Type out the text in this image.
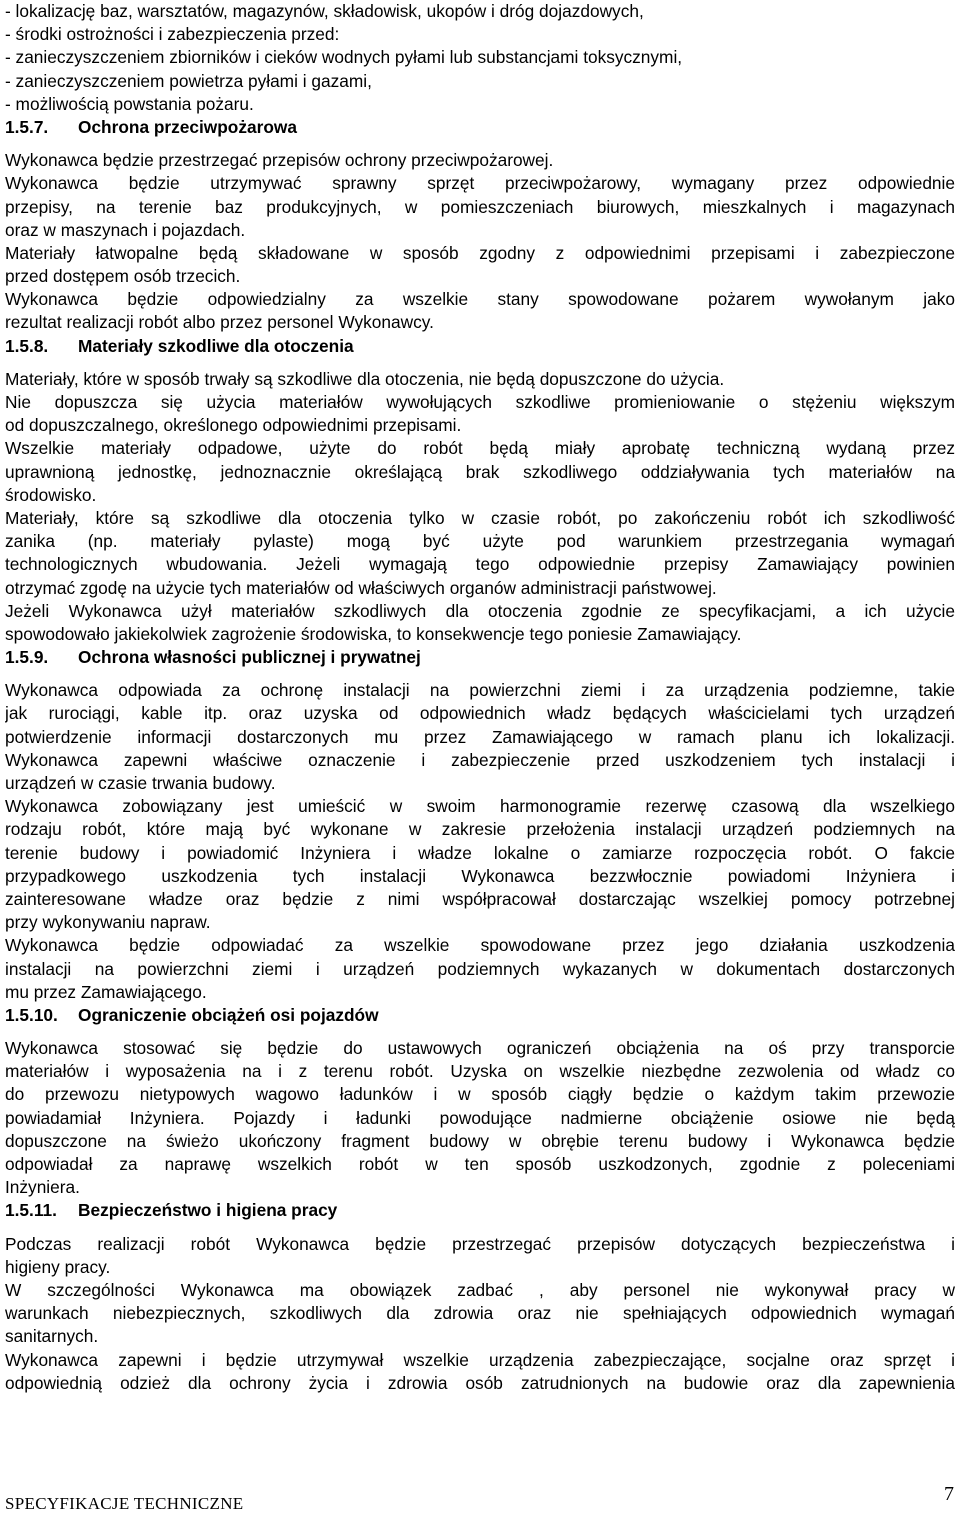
- lokalizację baz, warsztatów, magazynów, składowisk, ukopów i dróg dojazdowych,
- środki ostrożności i zabezpieczenia przed:
- zanieczyszczeniem zbiorników i cieków wodnych pyłami lub substancjami toksycznymi,
- zanieczyszczeniem powietrza pyłami i gazami,
- możliwością powstania pożaru.
1.5.7. Ochrona przeciwpożarowa
Wykonawca będzie przestrzegać przepisów ochrony przeciwpożarowej.
Wykonawca będzie utrzymywać sprawny sprzęt przeciwpożarowy, wymagany przez odpowiednie
przepisy, na terenie baz produkcyjnych, w pomieszczeniach biurowych, mieszkalnych i magazynach
oraz w maszynach i pojazdach.
Materiały łatwopalne będą składowane w sposób zgodny z odpowiednimi przepisami i zabezpieczone
przed dostępem osób trzecich.
Wykonawca będzie odpowiedzialny za wszelkie stany spowodowane pożarem wywołanym jako
rezultat realizacji robót albo przez personel Wykonawcy.
1.5.8. Materiały szkodliwe dla otoczenia
Materiały, które w sposób trwały są szkodliwe dla otoczenia, nie będą dopuszczone do użycia.
Nie dopuszcza się użycia materiałów wywołujących szkodliwe promieniowanie o stężeniu większym
od dopuszczalnego, określonego odpowiednimi przepisami.
Wszelkie materiały odpadowe, użyte do robót będą miały aprobatę techniczną wydaną przez
uprawnioną jednostkę, jednoznacznie określającą brak szkodliwego oddziaływania tych materiałów na
środowisko.
Materiały, które są szkodliwe dla otoczenia tylko w czasie robót, po zakończeniu robót ich szkodliwość
zanika (np. materiały pylaste) mogą być użyte pod warunkiem przestrzegania wymagań
technologicznych wbudowania. Jeżeli wymagają tego odpowiednie przepisy Zamawiający powinien
otrzymać zgodę na użycie tych materiałów od właściwych organów administracji państwowej.
Jeżeli Wykonawca użył materiałów szkodliwych dla otoczenia zgodnie ze specyfikacjami, a ich użycie
spowodowało jakiekolwiek zagrożenie środowiska, to konsekwencje tego poniesie Zamawiający.
1.5.9. Ochrona własności publicznej i prywatnej
Wykonawca odpowiada za ochronę instalacji na powierzchni ziemi i za urządzenia podziemne, takie
jak rurociągi, kable itp. oraz uzyska od odpowiednich władz będących właścicielami tych urządzeń
potwierdzenie informacji dostarczonych mu przez Zamawiającego w ramach planu ich lokalizacji.
Wykonawca zapewni właściwe oznaczenie i zabezpieczenie przed uszkodzeniem tych instalacji i
urządzeń w czasie trwania budowy.
Wykonawca zobowiązany jest umieścić w swoim harmonogramie rezerwę czasową dla wszelkiego
rodzaju robót, które mają być wykonane w zakresie przełożenia instalacji urządzeń podziemnych na
terenie budowy i powiadomić Inżyniera i władze lokalne o zamiarze rozpoczęcia robót. O fakcie
przypadkowego uszkodzenia tych instalacji Wykonawca bezzwłocznie powiadomi Inżyniera i
zainteresowane władze oraz będzie z nimi współpracował dostarczając wszelkiej pomocy potrzebnej
przy wykonywaniu napraw.
Wykonawca będzie odpowiadać za wszelkie spowodowane przez jego działania uszkodzenia
instalacji na powierzchni ziemi i urządzeń podziemnych wykazanych w dokumentach dostarczonych
mu przez Zamawiającego.
1.5.10. Ograniczenie obciążeń osi pojazdów
Wykonawca stosować się będzie do ustawowych ograniczeń obciążenia na oś przy transporcie
materiałów i wyposażenia na i z terenu robót. Uzyska on wszelkie niezbędne zezwolenia od władz co
do przewozu nietypowych wagowo ładunków i w sposób ciągły będzie o każdym takim przewozie
powiadamiał Inżyniera. Pojazdy i ładunki powodujące nadmierne obciążenie osiowe nie będą
dopuszczone na świeżo ukończony fragment budowy w obrębie terenu budowy i Wykonawca będzie
odpowiadał za naprawę wszelkich robót w ten sposób uszkodzonych, zgodnie z poleceniami
Inżyniera.
1.5.11. Bezpieczeństwo i higiena pracy
Podczas realizacji robót Wykonawca będzie przestrzegać przepisów dotyczących bezpieczeństwa i
higieny pracy.
W szczególności Wykonawca ma obowiązek zadbać , aby personel nie wykonywał pracy w
warunkach niebezpiecznych, szkodliwych dla zdrowia oraz nie spełniających odpowiednich wymagań
sanitarnych.
Wykonawca zapewni i będzie utrzymywał wszelkie urządzenia zabezpieczające, socjalne oraz sprzęt i
odpowiednią odzież dla ochrony życia i zdrowia osób zatrudnionych na budowie oraz dla zapewnienia
SPECYFIKACJE TECHNICZNE	7
